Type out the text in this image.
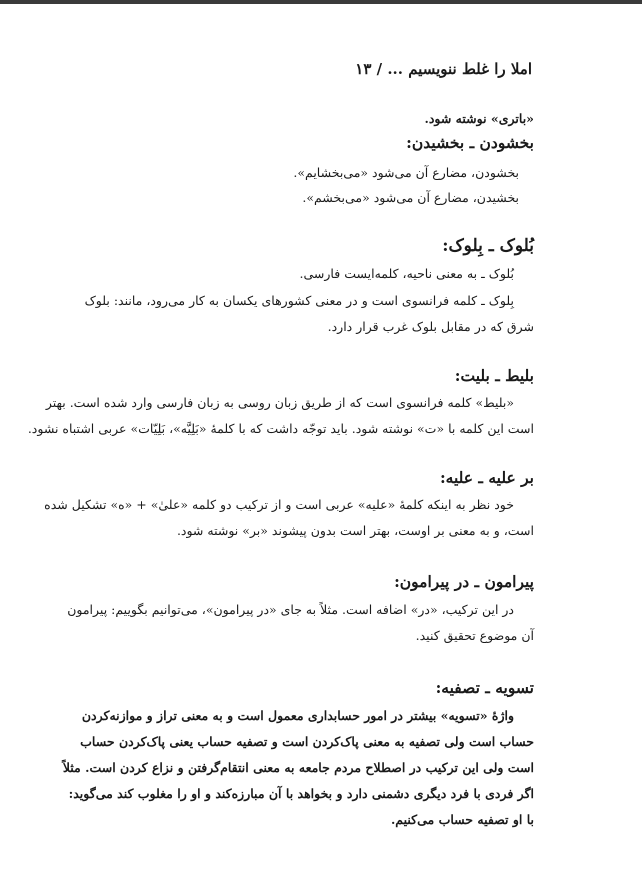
املا را غلط ننویسیم ... / ۱۳
«باتری» نوشته شود.
بخشودن ـ بخشیدن:
بخشودن، مضارع آن می‌شود «می‌بخشایم».
بخشیدن، مضارع آن می‌شود «می‌بخشم».
بُلوک ـ بِلوک:
بُلوک ـ به معنی ناحیه، کلمه‌ایست فارسی.
بِلوک ـ کلمه فرانسوی است و در معنی کشورهای یکسان به کار می‌رود، مانند: بلوک
شرق که در مقابل بلوک غرب قرار دارد.
بلیط ـ بلیت:
«بلیط» کلمه فرانسوی است که از طریق زبان روسی به زبان فارسی وارد شده است. بهتر
است این کلمه با «ت» نوشته شود. باید توجّه داشت که با کلمهٔ «بَلِیَّه»، بَلِیّات» عربی اشتباه نشود.
بر علیه ـ علیه:
خود نظر به اینکه کلمهٔ «علیه» عربی است و از ترکیب دو کلمه «علیٰ» + «ه» تشکیل شده
است، و به معنی بر اوست، بهتر است بدون پیشوند «بر» نوشته شود.
پیرامون ـ در پیرامون:
در این ترکیب، «در» اضافه است. مثلاً به جای «در پیرامون»، می‌توانیم بگوییم: پیرامون
آن موضوع تحقیق کنید.
تسویه ـ تصفیه:
واژهٔ «تسویه» بیشتر در امور حسابداری معمول است و به معنی تراز و موازنه‌کردن
حساب است ولی تصفیه به معنی پاک‌کردن است و تصفیه حساب یعنی پاک‌کردن حساب
است ولی این ترکیب در اصطلاح مردم جامعه به معنی انتقام‌گرفتن و نزاع کردن است. مثلاً
اگر فردی با فرد دیگری دشمنی دارد و بخواهد با آن مبارزه‌کند و او را مغلوب کند می‌گوید:
با او تصفیه حساب می‌کنیم.
